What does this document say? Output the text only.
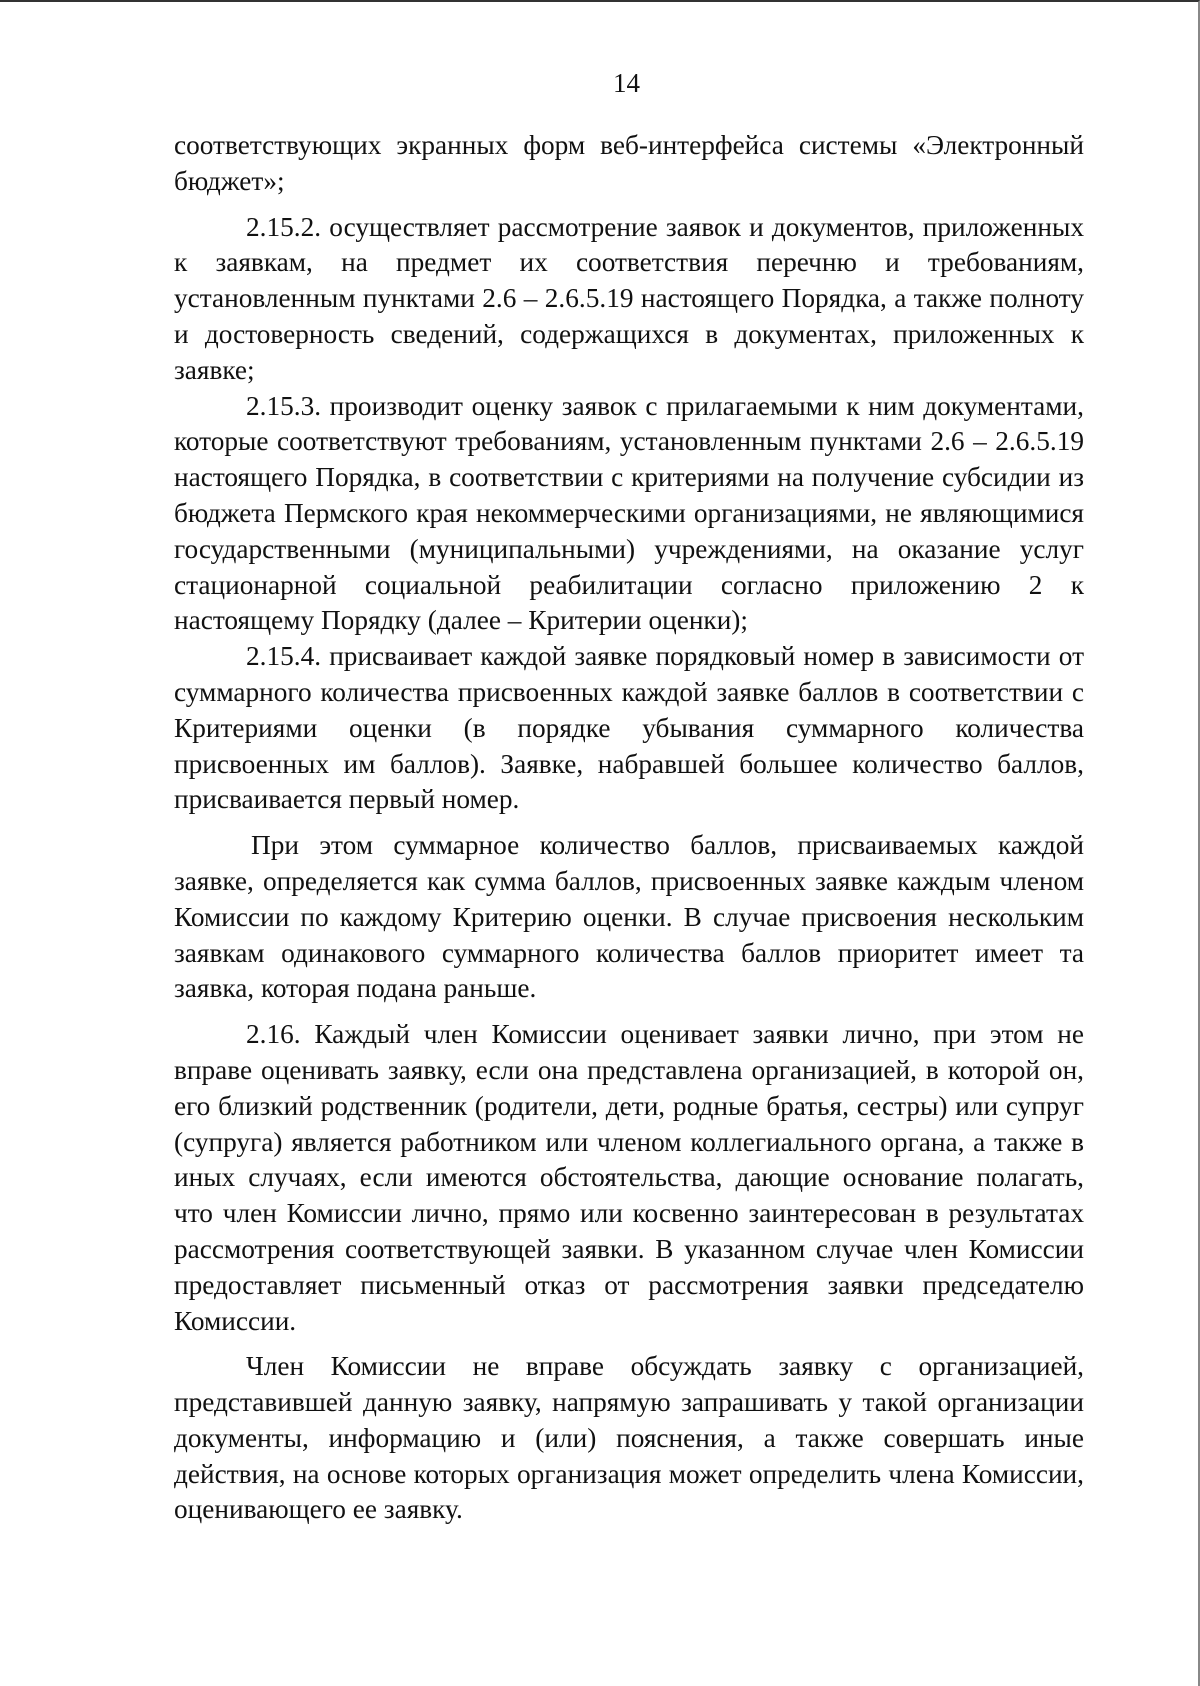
14

соответствующих экранных форм веб-интерфейса системы «Электронный бюджет»;

2.15.2. осуществляет рассмотрение заявок и документов, приложенных к заявкам, на предмет их соответствия перечню и требованиям, установленным пунктами 2.6 – 2.6.5.19 настоящего Порядка, а также полноту и достоверность сведений, содержащихся в документах, приложенных к заявке;

2.15.3. производит оценку заявок с прилагаемыми к ним документами, которые соответствуют требованиям, установленным пунктами 2.6 – 2.6.5.19 настоящего Порядка, в соответствии с критериями на получение субсидии из бюджета Пермского края некоммерческими организациями, не являющимися государственными (муниципальными) учреждениями, на оказание услуг стационарной социальной реабилитации согласно приложению 2 к настоящему Порядку (далее – Критерии оценки);

2.15.4. присваивает каждой заявке порядковый номер в зависимости от суммарного количества присвоенных каждой заявке баллов в соответствии с Критериями оценки (в порядке убывания суммарного количества присвоенных им баллов). Заявке, набравшей большее количество баллов, присваивается первый номер.

При этом суммарное количество баллов, присваиваемых каждой заявке, определяется как сумма баллов, присвоенных заявке каждым членом Комиссии по каждому Критерию оценки. В случае присвоения нескольким заявкам одинакового суммарного количества баллов приоритет имеет та заявка, которая подана раньше.

2.16. Каждый член Комиссии оценивает заявки лично, при этом не вправе оценивать заявку, если она представлена организацией, в которой он, его близкий родственник (родители, дети, родные братья, сестры) или супруг (супруга) является работником или членом коллегиального органа, а также в иных случаях, если имеются обстоятельства, дающие основание полагать, что член Комиссии лично, прямо или косвенно заинтересован в результатах рассмотрения соответствующей заявки. В указанном случае член Комиссии предоставляет письменный отказ от рассмотрения заявки председателю Комиссии.

Член Комиссии не вправе обсуждать заявку с организацией, представившей данную заявку, напрямую запрашивать у такой организации документы, информацию и (или) пояснения, а также совершать иные действия, на основе которых организация может определить члена Комиссии, оценивающего ее заявку.
